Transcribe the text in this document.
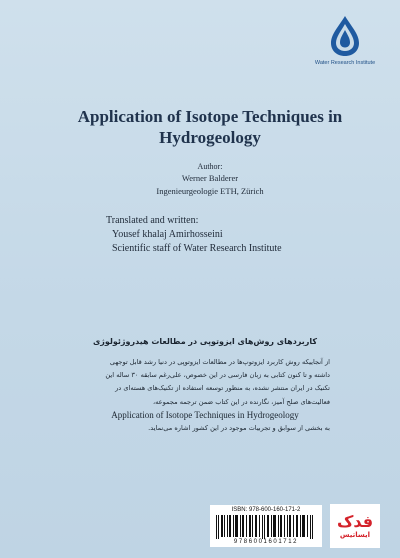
Water Research Institute
Application of Isotope Techniques in
Hydrogeology
Author:
Werner Balderer
Ingenieurgeologie ETH, Zürich
Translated and written:
Yousef khalaj Amirhosseini
Scientific staff of Water Research Institute
کاربردهای روش‌های ایزوتوپی در مطالعات هیدروژئولوژی
از آنجاییکه روش کاربرد ایزوتوپ‌ها در مطالعات ایزوتوپی در دنیا رشد قابل توجهی
داشته و تا کنون کتابی به زبان فارسی در این خصوص، علی‌رغم سابقه ۳۰ ساله این
تکنیک در ایران منتشر نشده، به منظور توسعه استفاده از تکنیک‌های هسته‌ای در
فعالیت‌های صلح آمیز، نگارنده در این کتاب ضمن ترجمه مجموعه،
Application of Isotope Techniques in Hydrogeology
به بخشی از سوابق و تجربیات موجود در این کشور اشاره می‌نماید.
ISBN: 978-600-160-171-2
9786001601712
فدک
ایساتیس
